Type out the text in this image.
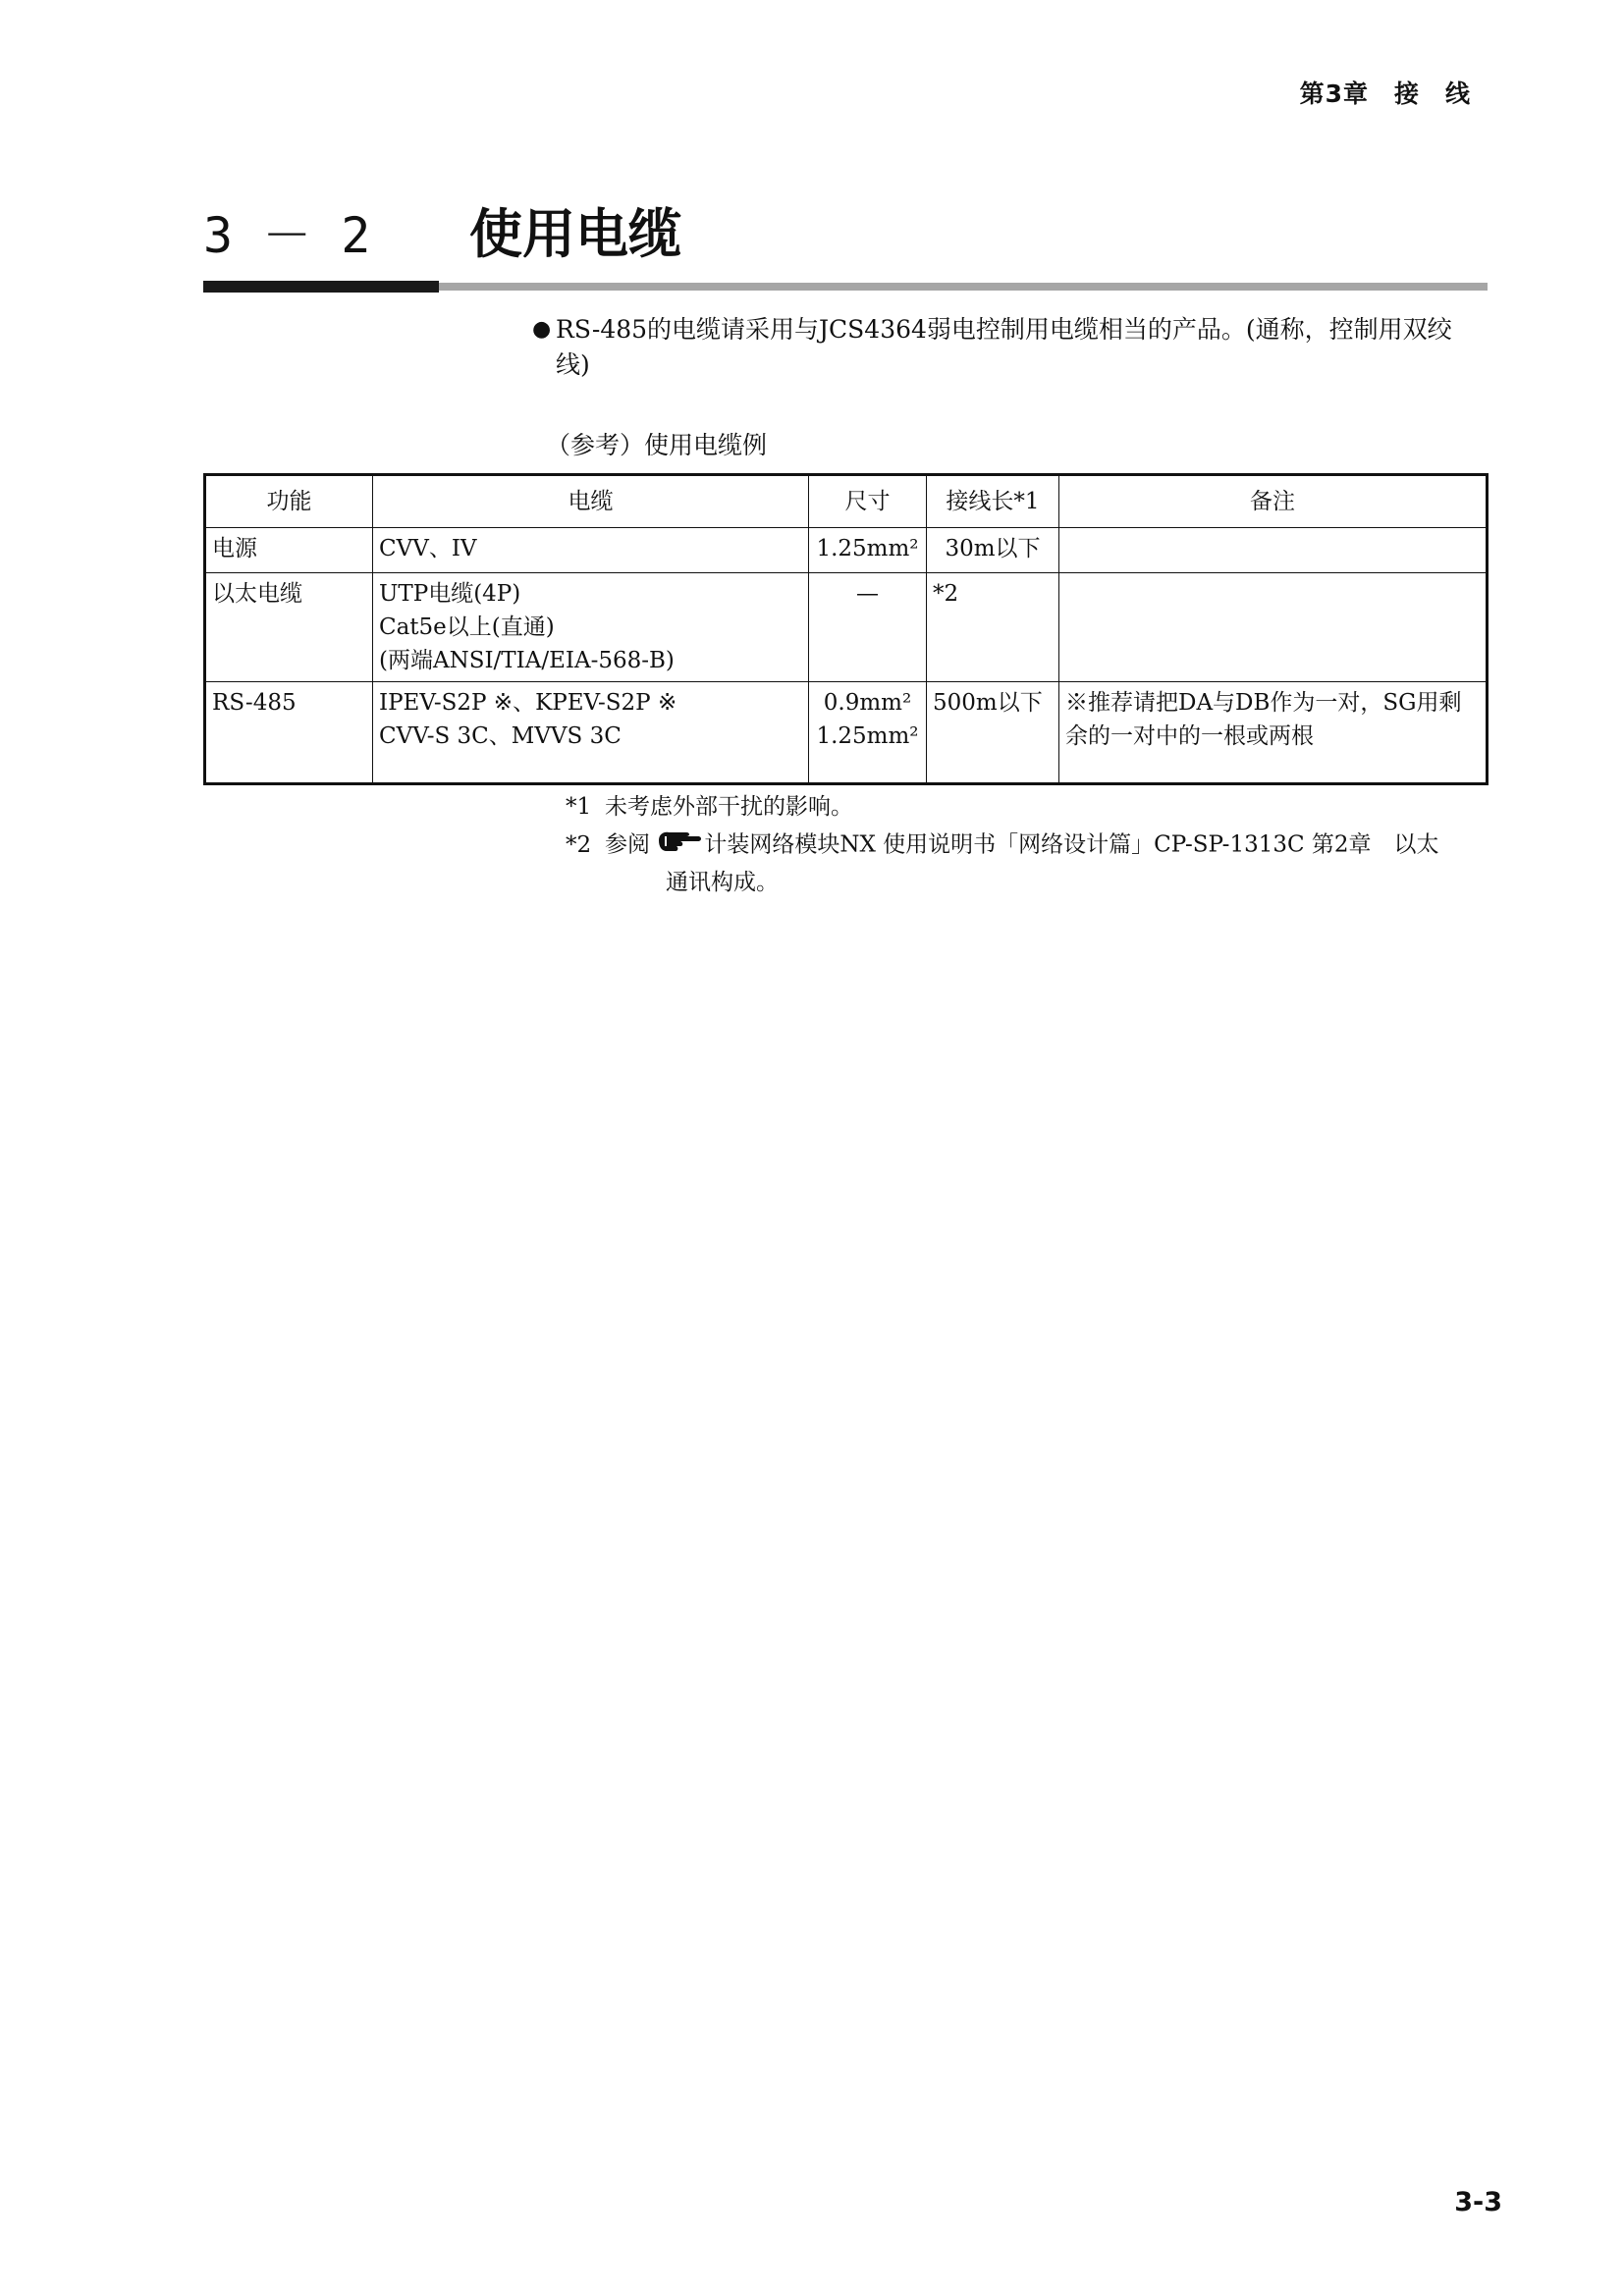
第3章　接　线
3 － 2 使用电缆
● RS-485的电缆请采用与JCS4364弱电控制用电缆相当的产品。(通称，控制用双绞线)
（参考）使用电缆例
功能	电缆	尺寸	接线长*1	备注
电源	CVV、IV	1.25mm²	30m以下	
以太电缆	UTP电缆(4P)
Cat5e以上(直通)
(两端ANSI/TIA/EIA-568-B)	—	*2	
RS-485	IPEV-S2P ※、KPEV-S2P ※
CVV-S 3C、MVVS 3C	0.9mm²
1.25mm²	500m以下	※推荐请把DA与DB作为一对，SG用剩
余的一对中的一根或两根
*1 未考虑外部干扰的影响。
*2 参阅 计装网络模块NX 使用说明书「网络设计篇」CP-SP-1313C 第2章　以太
通讯构成。
3-3
